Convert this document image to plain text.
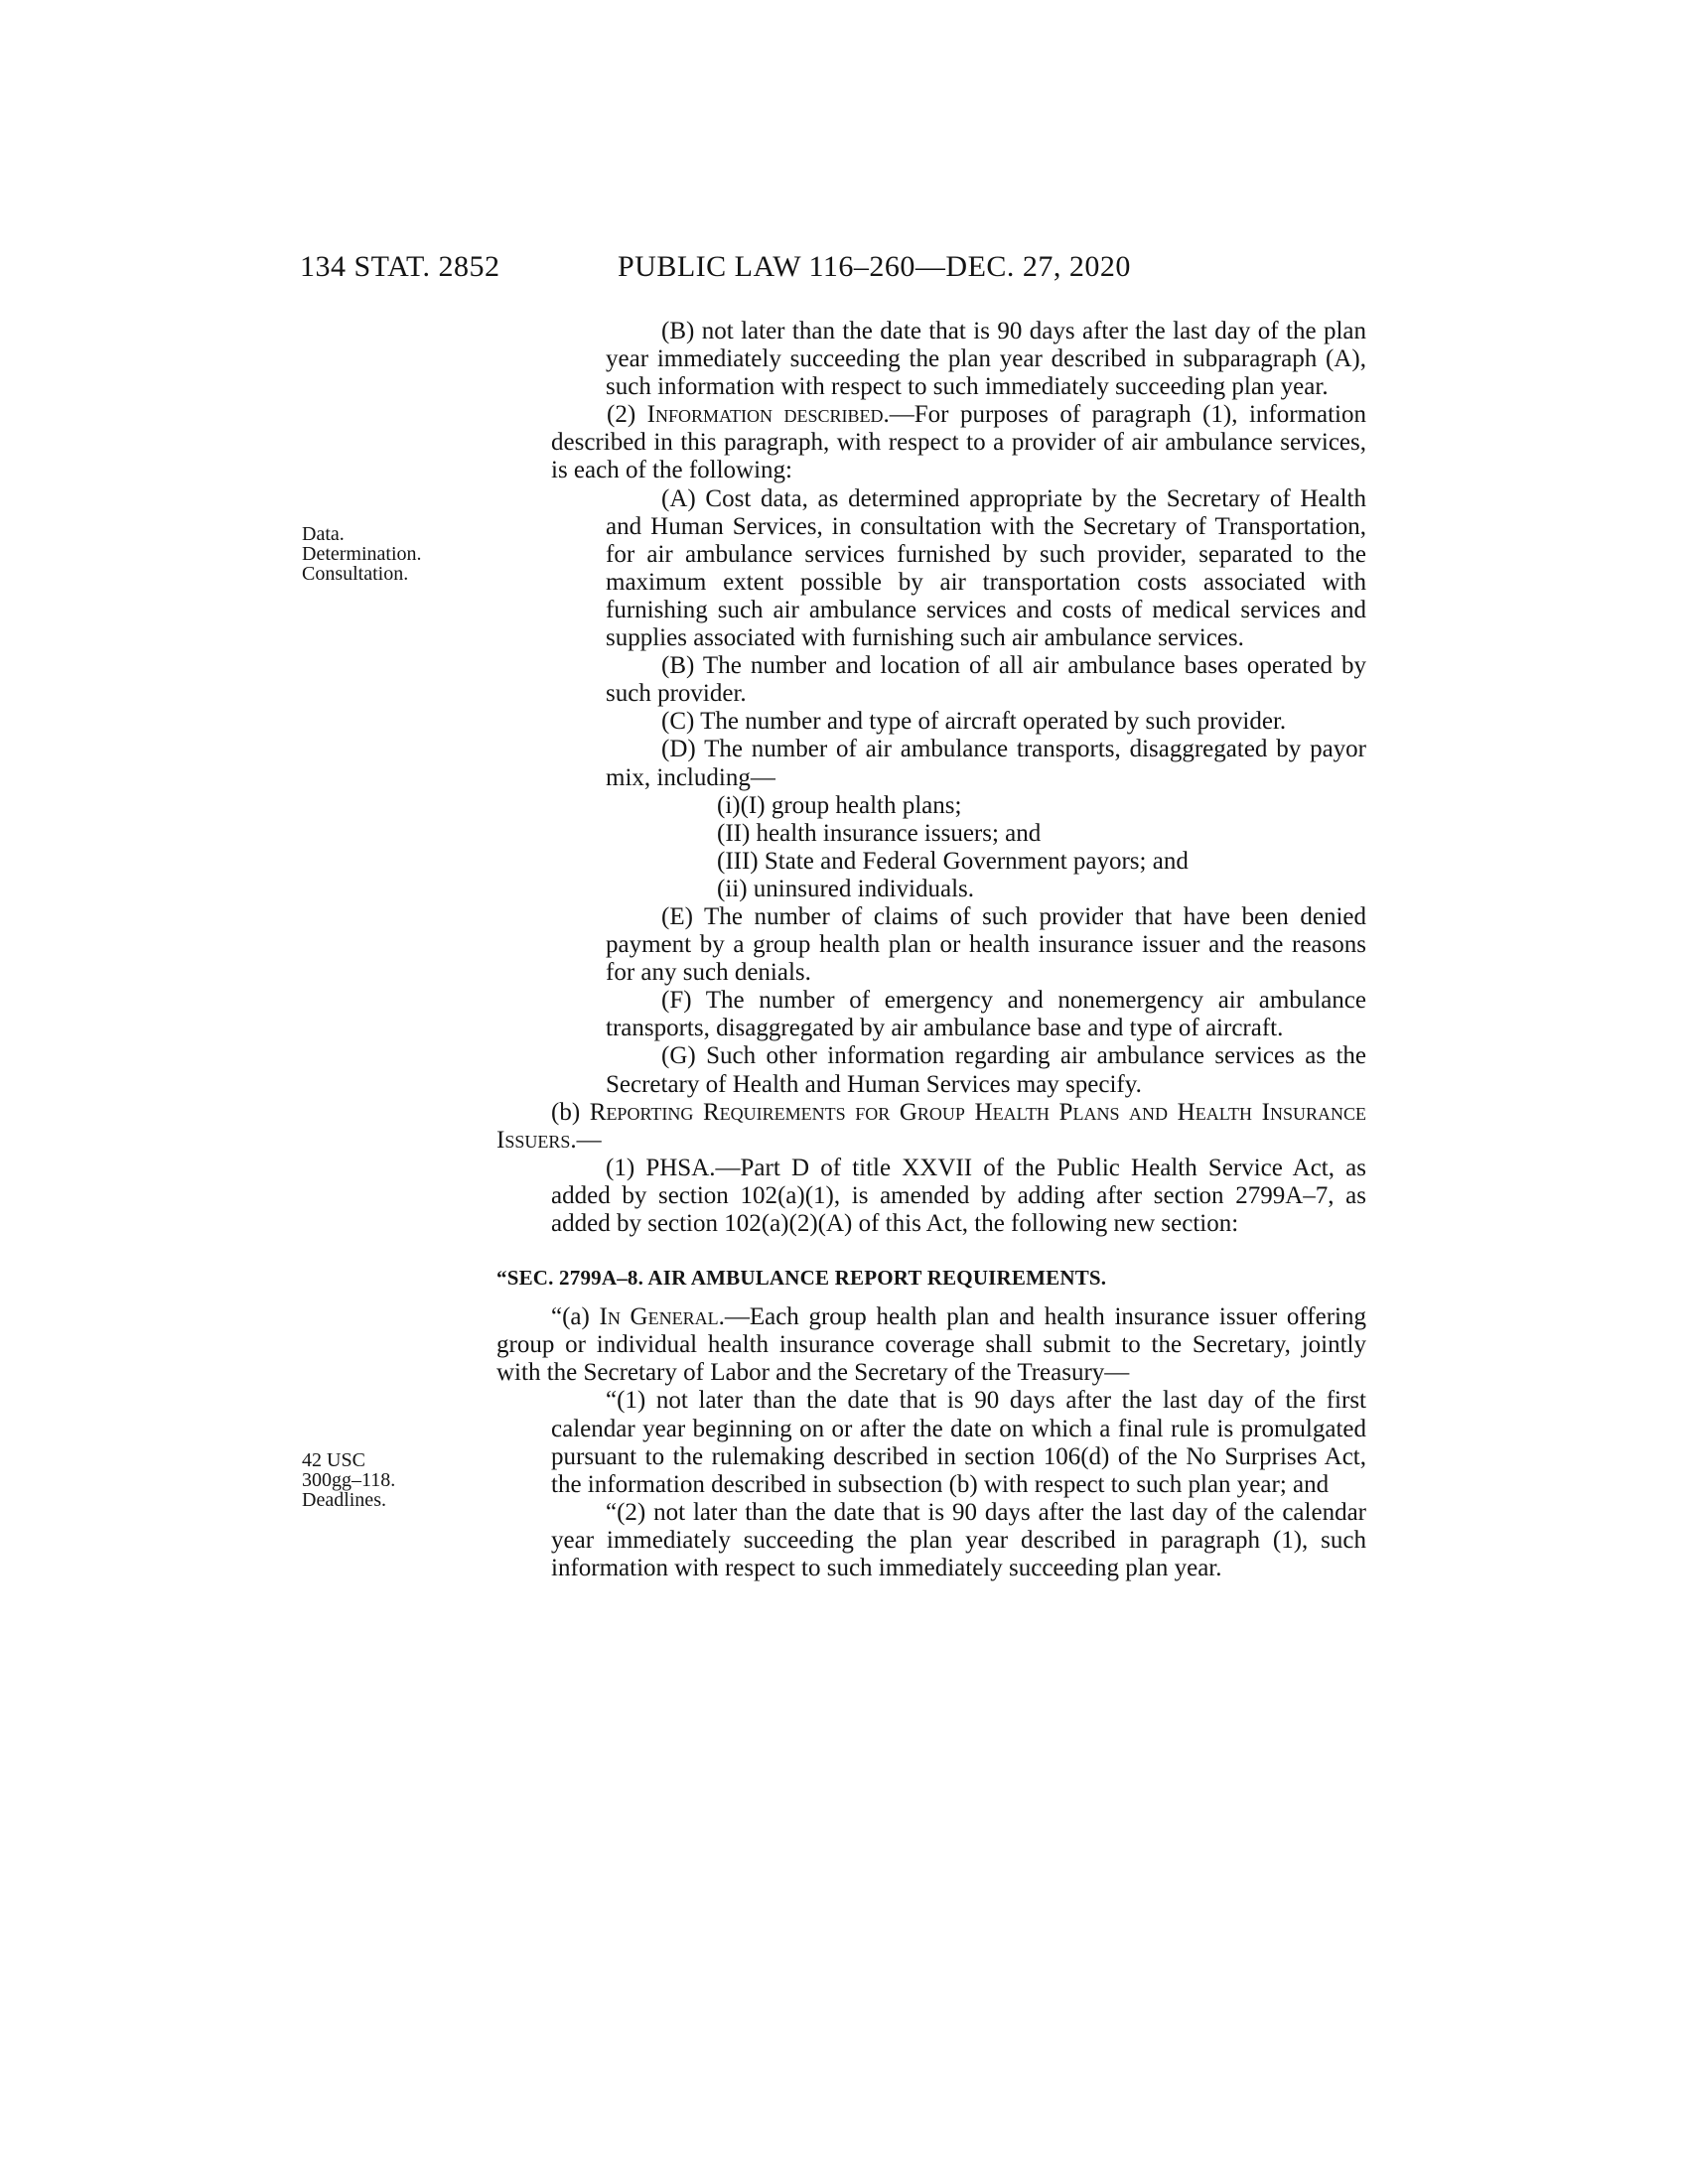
134 STAT. 2852	PUBLIC LAW 116–260—DEC. 27, 2020
Data.
Determination.
Consultation.
42 USC
300gg–118.
Deadlines.

(B) not later than the date that is 90 days after the last day of the plan year immediately succeeding the plan year described in subparagraph (A), such information with respect to such immediately succeeding plan year.

(2) Information described.—For purposes of paragraph (1), information described in this paragraph, with respect to a provider of air ambulance services, is each of the following:

(A) Cost data, as determined appropriate by the Secretary of Health and Human Services, in consultation with the Secretary of Transportation, for air ambulance services furnished by such provider, separated to the maximum extent possible by air transportation costs associated with furnishing such air ambulance services and costs of medical services and supplies associated with furnishing such air ambulance services.

(B) The number and location of all air ambulance bases operated by such provider.

(C) The number and type of aircraft operated by such provider.

(D) The number of air ambulance transports, disaggregated by payor mix, including—

(i)(I) group health plans;

(II) health insurance issuers; and

(III) State and Federal Government payors; and

(ii) uninsured individuals.

(E) The number of claims of such provider that have been denied payment by a group health plan or health insurance issuer and the reasons for any such denials.

(F) The number of emergency and nonemergency air ambulance transports, disaggregated by air ambulance base and type of aircraft.

(G) Such other information regarding air ambulance services as the Secretary of Health and Human Services may specify.

(b) Reporting Requirements for Group Health Plans and Health Insurance Issuers.—

(1) PHSA.—Part D of title XXVII of the Public Health Service Act, as added by section 102(a)(1), is amended by adding after section 2799A–7, as added by section 102(a)(2)(A) of this Act, the following new section:

“SEC. 2799A–8. AIR AMBULANCE REPORT REQUIREMENTS.

“(a) In General.—Each group health plan and health insurance issuer offering group or individual health insurance coverage shall submit to the Secretary, jointly with the Secretary of Labor and the Secretary of the Treasury—

“(1) not later than the date that is 90 days after the last day of the first calendar year beginning on or after the date on which a final rule is promulgated pursuant to the rulemaking described in section 106(d) of the No Surprises Act, the information described in subsection (b) with respect to such plan year; and

“(2) not later than the date that is 90 days after the last day of the calendar year immediately succeeding the plan year described in paragraph (1), such information with respect to such immediately succeeding plan year.
